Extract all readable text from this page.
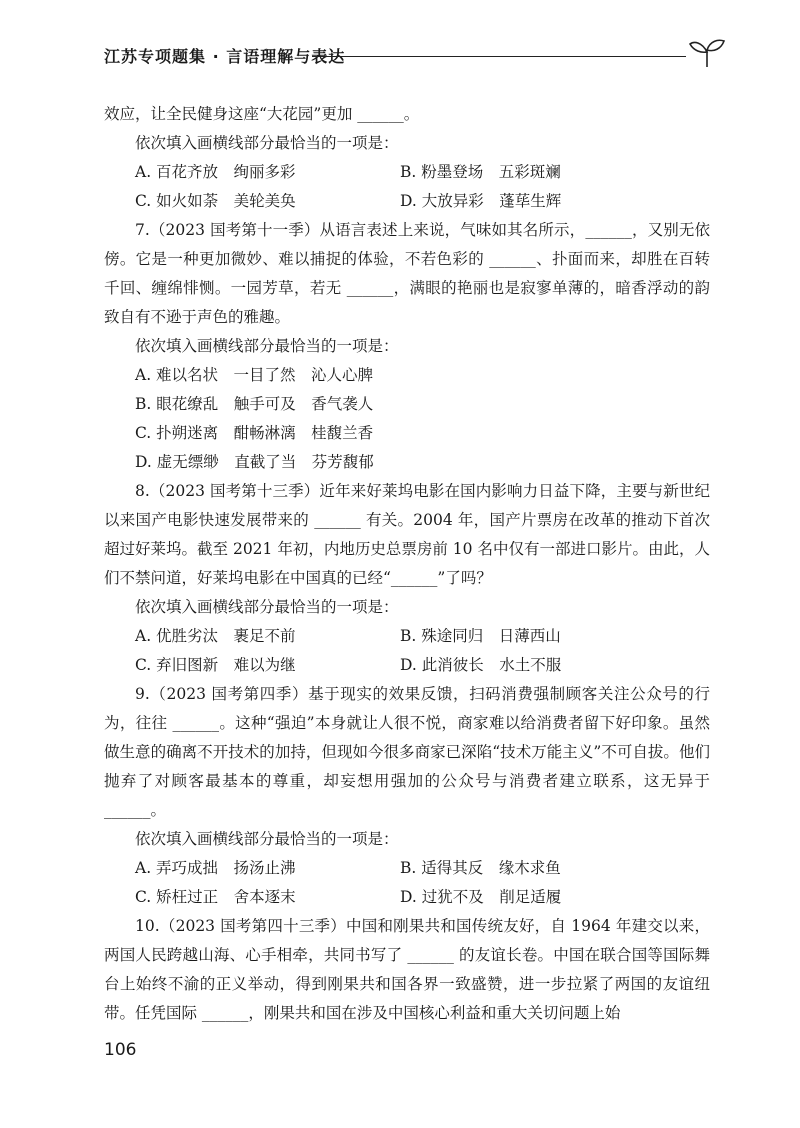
江苏专项题集 · 言语理解与表达

效应，让全民健身这座“大花园”更加 ______。

依次填入画横线部分最恰当的一项是：

A. 百花齐放　绚丽多彩	B. 粉墨登场　五彩斑斓
C. 如火如荼　美轮美奂	D. 大放异彩　蓬荜生辉

7.（2023 国考第十一季）从语言表述上来说，气味如其名所示，______，又别无依傍。它是一种更加微妙、难以捕捉的体验，不若色彩的 ______、扑面而来，却胜在百转千回、缠绵悱恻。一园芳草，若无 ______，满眼的艳丽也是寂寥单薄的，暗香浮动的韵致自有不逊于声色的雅趣。

依次填入画横线部分最恰当的一项是：

A. 难以名状　一目了然　沁人心脾

B. 眼花缭乱　触手可及　香气袭人

C. 扑朔迷离　酣畅淋漓　桂馥兰香

D. 虚无缥缈　直截了当　芬芳馥郁

8.（2023 国考第十三季）近年来好莱坞电影在国内影响力日益下降，主要与新世纪以来国产电影快速发展带来的 ______ 有关。2004 年，国产片票房在改革的推动下首次超过好莱坞。截至 2021 年初，内地历史总票房前 10 名中仅有一部进口影片。由此，人们不禁问道，好莱坞电影在中国真的已经“______”了吗？

依次填入画横线部分最恰当的一项是：

A. 优胜劣汰　裹足不前	B. 殊途同归　日薄西山
C. 弃旧图新　难以为继	D. 此消彼长　水土不服

9.（2023 国考第四季）基于现实的效果反馈，扫码消费强制顾客关注公众号的行为，往往 ______。这种“强迫”本身就让人很不悦，商家难以给消费者留下好印象。虽然做生意的确离不开技术的加持，但现如今很多商家已深陷“技术万能主义”不可自拔。他们抛弃了对顾客最基本的尊重，却妄想用强加的公众号与消费者建立联系，这无异于 ______。

依次填入画横线部分最恰当的一项是：

A. 弄巧成拙　扬汤止沸	B. 适得其反　缘木求鱼
C. 矫枉过正　舍本逐末	D. 过犹不及　削足适履

10.（2023 国考第四十三季）中国和刚果共和国传统友好，自 1964 年建交以来，两国人民跨越山海、心手相牵，共同书写了 ______ 的友谊长卷。中国在联合国等国际舞台上始终不渝的正义举动，得到刚果共和国各界一致盛赞，进一步拉紧了两国的友谊纽带。任凭国际 ______，刚果共和国在涉及中国核心利益和重大关切问题上始

106
